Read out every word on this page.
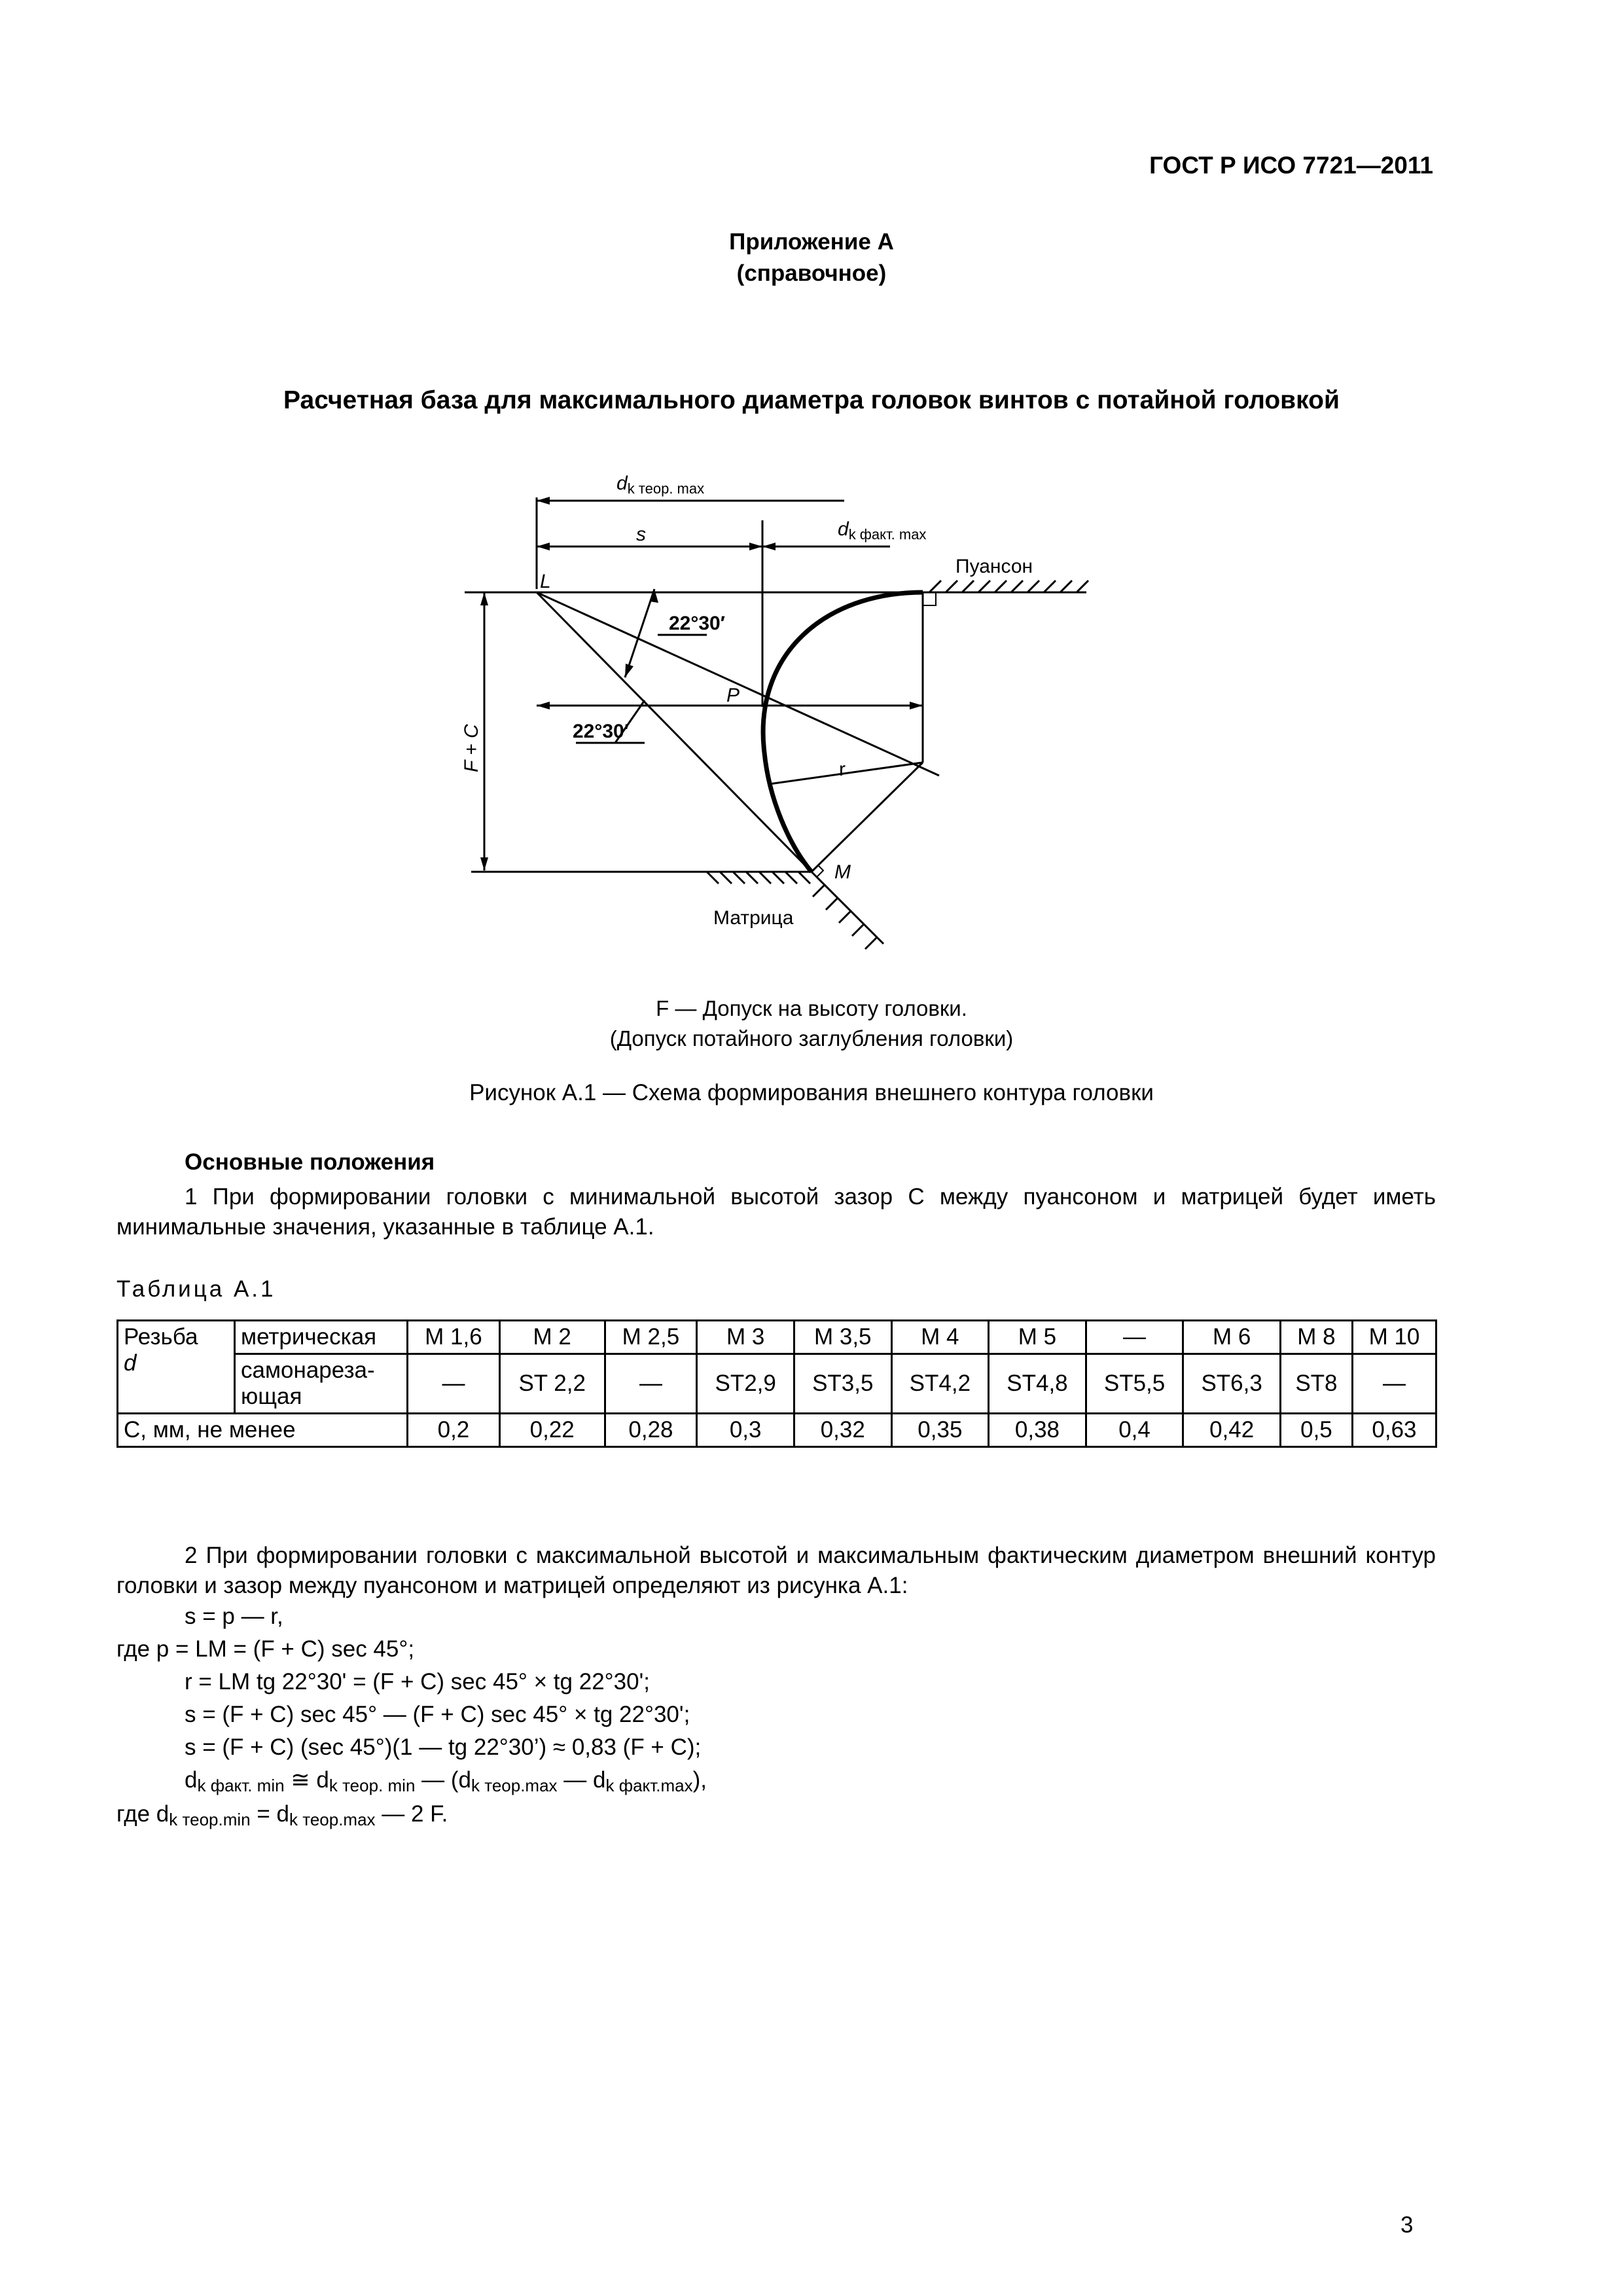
ГОСТ Р ИСО 7721—2011
Приложение А
(справочное)
Расчетная база для максимального диаметра головок винтов с потайной головкой
$d_{k теор. max}$
s	$d_{k факт. max}$
Пуансон
L
22°30′
P
22°30′
r
M
Матрица
F + C
F — Допуск на высоту головки.
(Допуск потайного заглубления головки)
Рисунок А.1 — Схема формирования внешнего контура головки
Основные положения
1 При формировании головки с минимальной высотой зазор C между пуансоном и матрицей будет иметь минимальные значения, указанные в таблице А.1.
Таблица А.1
Резьба
d	метрическая	М 1,6	М 2	М 2,5	М 3	М 3,5	М 4	М 5	—	М 6	М 8	М 10
	самонареза-ющая	—	ST 2,2	—	ST2,9	ST3,5	ST4,2	ST4,8	ST5,5	ST6,3	ST8	—
C, мм, не менее		0,2	0,22	0,28	0,3	0,32	0,35	0,38	0,4	0,42	0,5	0,63
2 При формировании головки с максимальной высотой и максимальным фактическим диаметром внешний контур головки и зазор между пуансоном и матрицей определяют из рисунка А.1:
s = p — r,
где p = LM = (F + C) sec 45°;
r = LM tg 22°30' = (F + C) sec 45° × tg 22°30';
s = (F + C) sec 45° — (F + C) sec 45° × tg 22°30';
s = (F + C) (sec 45°)(1 — tg 22°30’) ≈ 0,83 (F + C);
$d_{k факт. min}$ ≅ $d_{k теор. min}$ — ($d_{k теор.max}$ — $d_{k факт.max}$),
где $d_{k теор.min} = d_{k теор.max}$ — 2 F.
3
